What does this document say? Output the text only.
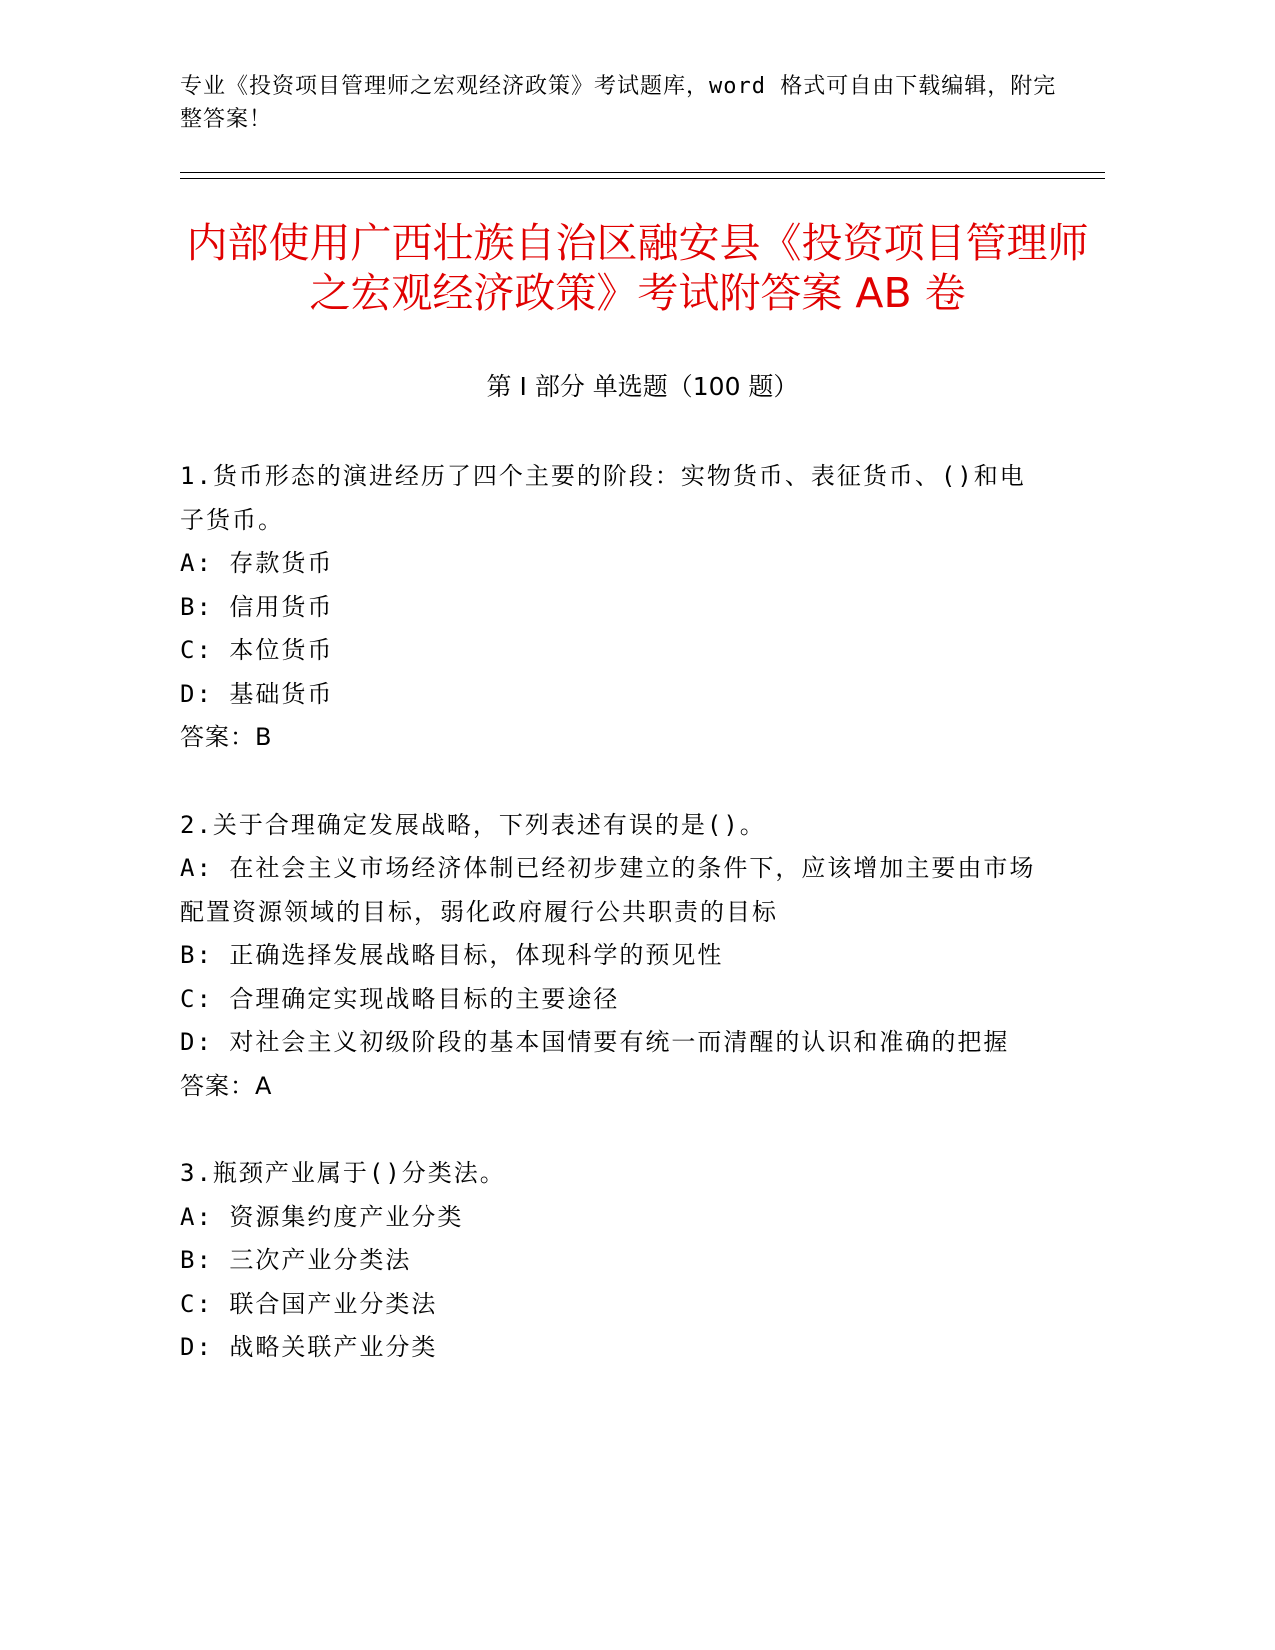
专业《投资项目管理师之宏观经济政策》考试题库，word 格式可自由下载编辑，附完整答案！
内部使用广西壮族自治区融安县《投资项目管理师之宏观经济政策》考试附答案 AB 卷
第 I 部分 单选题（100 题）
1.货币形态的演进经历了四个主要的阶段：实物货币、表征货币、()和电子货币。
A: 存款货币
B: 信用货币
C: 本位货币
D: 基础货币
答案：B
2.关于合理确定发展战略，下列表述有误的是()。
A: 在社会主义市场经济体制已经初步建立的条件下，应该增加主要由市场配置资源领域的目标，弱化政府履行公共职责的目标
B: 正确选择发展战略目标，体现科学的预见性
C: 合理确定实现战略目标的主要途径
D: 对社会主义初级阶段的基本国情要有统一而清醒的认识和准确的把握
答案：A
3.瓶颈产业属于()分类法。
A: 资源集约度产业分类
B: 三次产业分类法
C: 联合国产业分类法
D: 战略关联产业分类
